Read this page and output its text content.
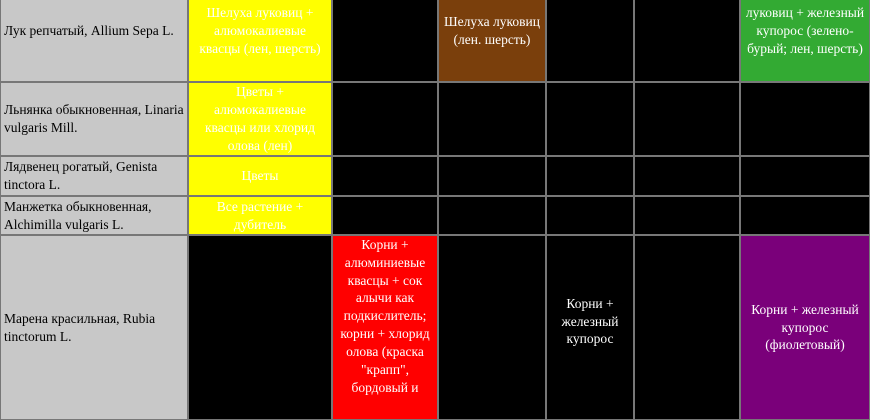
Лук репчатый, Allium Sepa L.
Шелуха луковиц + алюмокалиевые квасцы (лен, шерсть)
Шелуха луковиц (лен. шерсть)
луковиц + железный купорос (зелено-бурый; лен, шерсть)
Льнянка обыкновенная, Linaria vulgaris Mill.
Цветы + алюмокалиевые квасцы или хлорид олова (лен)
Лядвенец рогатый, Genista tinctora L.
Цветы
Манжетка обыкновенная, Alchimilla vulgaris L.
Все растение + дубитель
Марена красильная, Rubia tinctorum L.
Корни + алюминиевые квасцы + сок алычи как подкислитель; корни + хлорид олова (краска "крапп", бордовый и
Корни + железный купорос
Корни + железный купорос (фиолетовый)
